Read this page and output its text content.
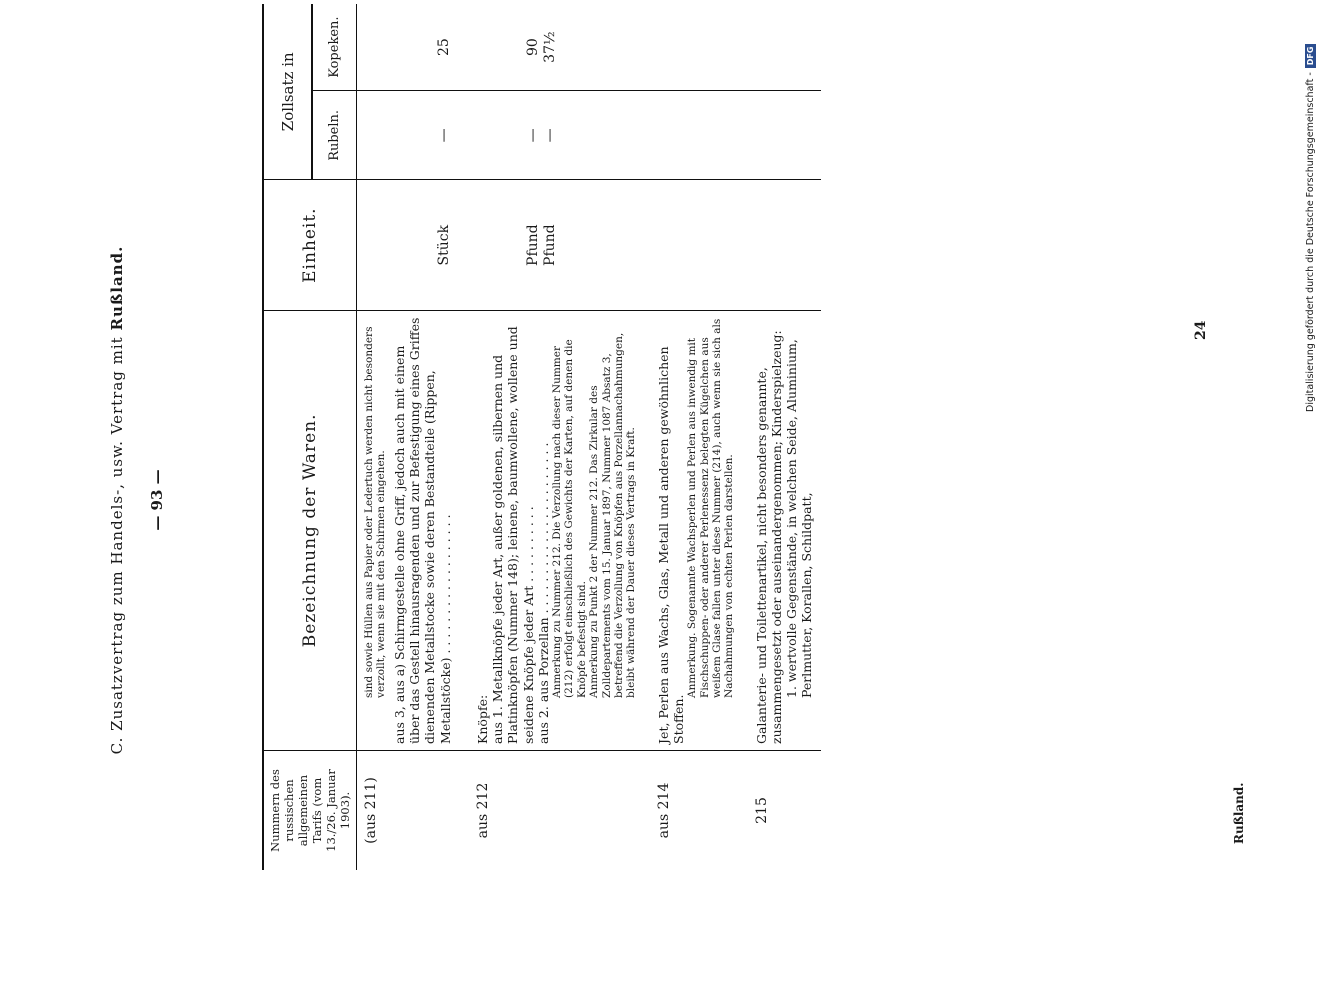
C. Zusatzvertrag zum Handels-, usw. Vertrag mit Rußland.
— 93 —
Nummern des russischen allgemeinen Tarifs (vom 13./26. Januar 1903).	Bezeichnung der Waren.	Einheit.	Zollsatz in	
			Rubeln.	Kopeken.
(aus 211)	sind sowie Hüllen aus Papier oder Ledertuch werden nicht besonders verzollt, wenn sie mit den Schirmen eingehen. aus 3, aus a) Schirmgestelle ohne Griff, jedoch auch mit einem über das Gestell hinausragenden und zur Befestigung eines Griffes dienenden Metallstocke sowie deren Bestandteile (Rippen, Metallstöcke) . . . . . . . . . . . . . . . . . .	Stück	—	25
aus 212	Knöpfe: aus 1. Metallknöpfe jeder Art, außer goldenen, silbernen und Platinknöpfen (Nummer 148); leinene, baumwollene, wollene und seidene Knöpfe jeder Art . . . . . . . . . . aus 2. aus Porzellan . . . . . . . . . . . . . . . . . . . . . . Anmerkung zu Nummer 212. Die Verzollung nach dieser Nummer (212) erfolgt einschließlich des Gewichts der Karten, auf denen die Knöpfe befestigt sind. Anmerkung zu Punkt 2 der Nummer 212. Das Zirkular des Zolldepartements vom 15. Januar 1897, Nummer 1087 Absatz 3, betreffend die Verzollung von Knöpfen aus Porzellannachahmungen, bleibt während der Dauer dieses Vertrags in Kraft.	Pfund Pfund	— —	90 37½

aus 214	Jet, Perlen aus Wachs, Glas, Metall und anderen gewöhnlichen Stoffen.
Anmerkung. Sogenannte Wachsperlen und Perlen aus inwendig mit Fischschuppen- oder anderer Perlenessenz belegten Kügelchen aus weißem Glase fallen unter diese Nummer (214), auch wenn sie sich als Nachahmungen von echten Perlen darstellen.			

215	Galanterie- und Toilettenartikel, nicht besonders genannte, zusammengesetzt oder auseinandergenommen; Kinderspielzeug: 1. wertvolle Gegenstände, in welchen Seide, Aluminium, Perlmutter, Korallen, Schildpatt,			

Rußland.
24	Digitalisierung gefördert durch die Deutsche Forschungsgemeinschaft -DFG
